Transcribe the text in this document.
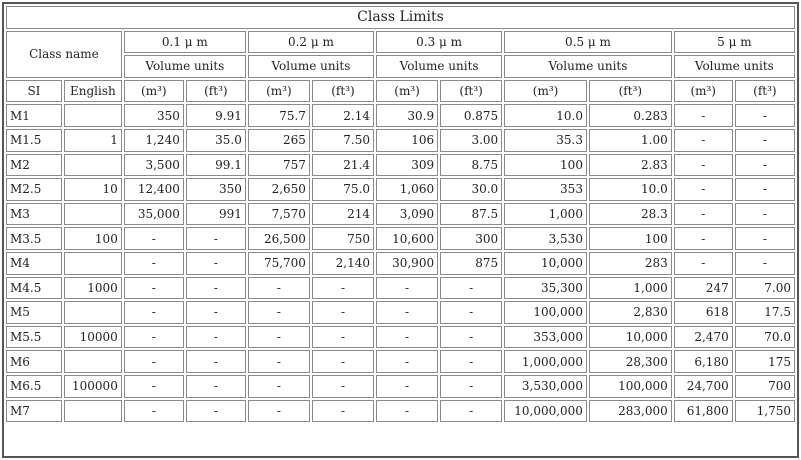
Class Limits											
Class name		0.1 μ m		0.2 μ m		0.3 μ m		0.5 μ m		5 μ m	
		Volume units		Volume units		Volume units		Volume units		Volume units	
SI	English	(m³)	(ft³)	(m³)	(ft³)	(m³)	(ft³)	(m³)	(ft³)	(m³)	(ft³)
M1		350	9.91	75.7	2.14	30.9	0.875	10.0	0.283	-	-
M1.5	1	1,240	35.0	265	7.50	106	3.00	35.3	1.00	-	-
M2		3,500	99.1	757	21.4	309	8.75	100	2.83	-	-
M2.5	10	12,400	350	2,650	75.0	1,060	30.0	353	10.0	-	-
M3		35,000	991	7,570	214	3,090	87.5	1,000	28.3	-	-
M3.5	100	-	-	26,500	750	10,600	300	3,530	100	-	-
M4		-	-	75,700	2,140	30,900	875	10,000	283	-	-
M4.5	1000	-	-	-	-	-	-	35,300	1,000	247	7.00
M5		-	-	-	-	-	-	100,000	2,830	618	17.5
M5.5	10000	-	-	-	-	-	-	353,000	10,000	2,470	70.0
M6		-	-	-	-	-	-	1,000,000	28,300	6,180	175
M6.5	100000	-	-	-	-	-	-	3,530,000	100,000	24,700	700
M7		-	-	-	-	-	-	10,000,000	283,000	61,800	1,750
